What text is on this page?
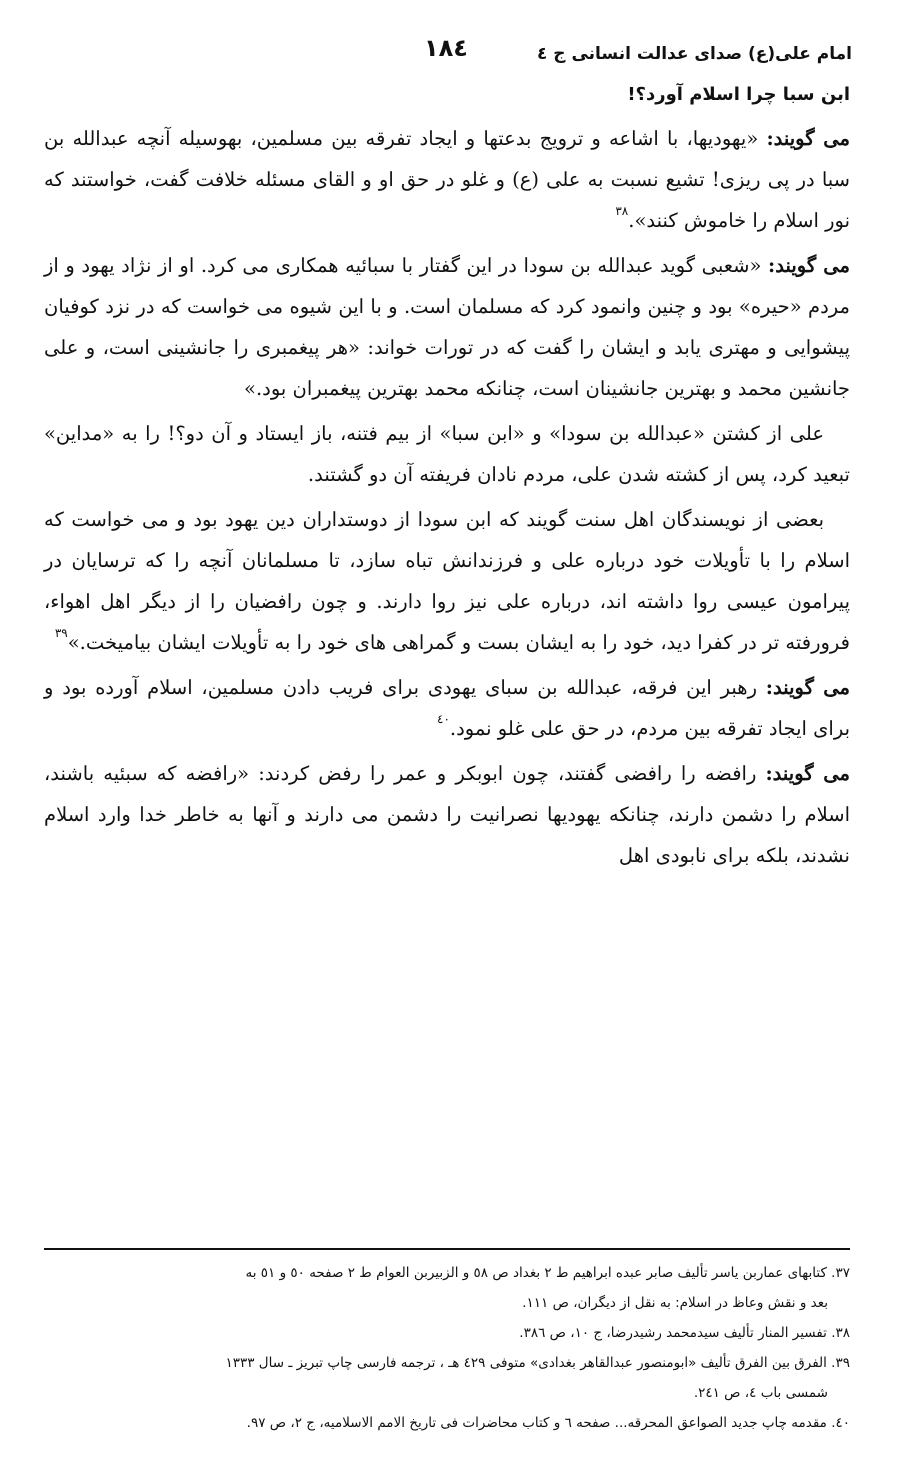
امام علی(ع) صدای عدالت انسانی ج ٤
١٨٤
ابن سبا چرا اسلام آورد؟!

می گویند: «یهودیها، با اشاعه و ترویج بدعتها و ایجاد تفرقه بین مسلمین، بهوسیله آنچه عبدالله بن سبا در پی ریزی! تشیع نسبت به علی (ع) و غلو در حق او و القای مسئله خلافت گفت، خواستند که نور اسلام را خاموش کنند».$^{٣٨}$

می گویند: «شعبی گوید عبدالله بن سودا در این گفتار با سبائیه همکاری می کرد. او از نژاد یهود و از مردم «حیره» بود و چنین وانمود کرد که مسلمان است. و با این شیوه می خواست که در نزد کوفیان پیشوایی و مهتری یابد و ایشان را گفت که در تورات خواند: «هر پیغمبری را جانشینی است، و علی جانشین محمد و بهترین جانشینان است، چنانکه محمد بهترین پیغمبران بود.»

علی از کشتن «عبدالله بن سودا» و «ابن سبا» از بیم فتنه، باز ایستاد و آن دو؟! را به «مداین» تبعید کرد، پس از کشته شدن علی، مردم نادان فریفته آن دو گشتند.

بعضی از نویسندگان اهل سنت گویند که ابن سودا از دوستداران دین یهود بود و می خواست که اسلام را با تأویلات خود درباره علی و فرزندانش تباه سازد، تا مسلمانان آنچه را که ترسایان در پیرامون عیسی روا داشته اند، درباره علی نیز روا دارند. و چون رافضیان را از دیگر اهل اهواء، فرورفته تر در کفرا دید، خود را به ایشان بست و گمراهی های خود را به تأویلات ایشان بیامیخت.»$^{٣٩}$

می گویند: رهبر این فرقه، عبدالله بن سبای یهودی برای فریب دادن مسلمین، اسلام آورده بود و برای ایجاد تفرقه بین مردم، در حق علی غلو نمود.$^{٤٠}$

می گویند: رافضه را رافضی گفتند، چون ابوبکر و عمر را رفض کردند: «رافضه که سبئیه باشند، اسلام را دشمن دارند، چنانکه یهودیها نصرانیت را دشمن می دارند و آنها به خاطر خدا وارد اسلام نشدند، بلکه برای نابودی اهل

٣٧. کتابهای عماربن یاسر تألیف صابر عبده ابراهیم ط ٢ بغداد ص ٥٨ و الزبیربن العوام ط ٢ صفحه ٥٠ و ٥١ به

بعد و نقش وعاظ در اسلام: به نقل از دیگران، ص ١١١.

٣٨. تفسیر المنار تألیف سیدمحمد رشیدرضا، ج ١٠، ص ٣٨٦.

٣٩. الفرق بین الفرق تألیف «ابومنصور عبدالقاهر بغدادی» متوفی ٤٢٩ هـ ، ترجمه فارسی چاپ تبریز ـ سال ١٣٣٣

شمسی باب ٤، ص ٢٤١.

٤٠. مقدمه چاپ جدید الصواعق المحرقه... صفحه ٦ و کتاب محاضرات فی تاریخ الامم الاسلامیه، ج ٢، ص ٩٧.
